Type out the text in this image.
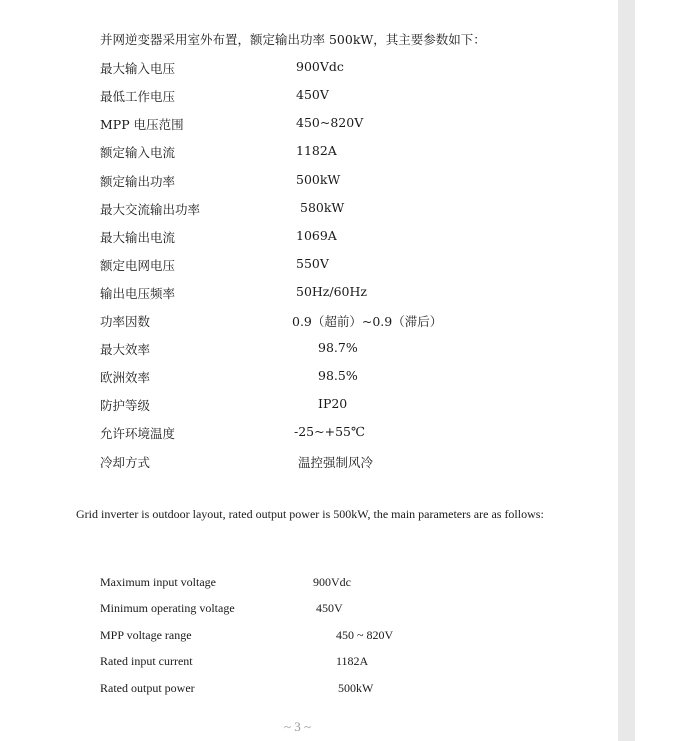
并网逆变器采用室外布置，额定输出功率 500kW，其主要参数如下：
最大输入电压	900Vdc
最低工作电压	450V
MPP 电压范围	450~820V
额定输入电流	1182A
额定输出功率	500kW
最大交流输出功率	580kW
最大输出电流	1069A
额定电网电压	550V
输出电压频率	50Hz/60Hz
功率因数	0.9（超前）~0.9（滞后）
最大效率	98.7%
欧洲效率	98.5%
防护等级	IP20
允许环境温度	-25~+55℃
冷却方式	温控强制风冷
Grid inverter is outdoor layout, rated output power is 500kW, the main parameters are as follows:
Maximum input voltage	900Vdc
Minimum operating voltage	450V
MPP voltage range	450 ~ 820V
Rated input current	1182A
Rated output power	500kW
~ 3 ~
